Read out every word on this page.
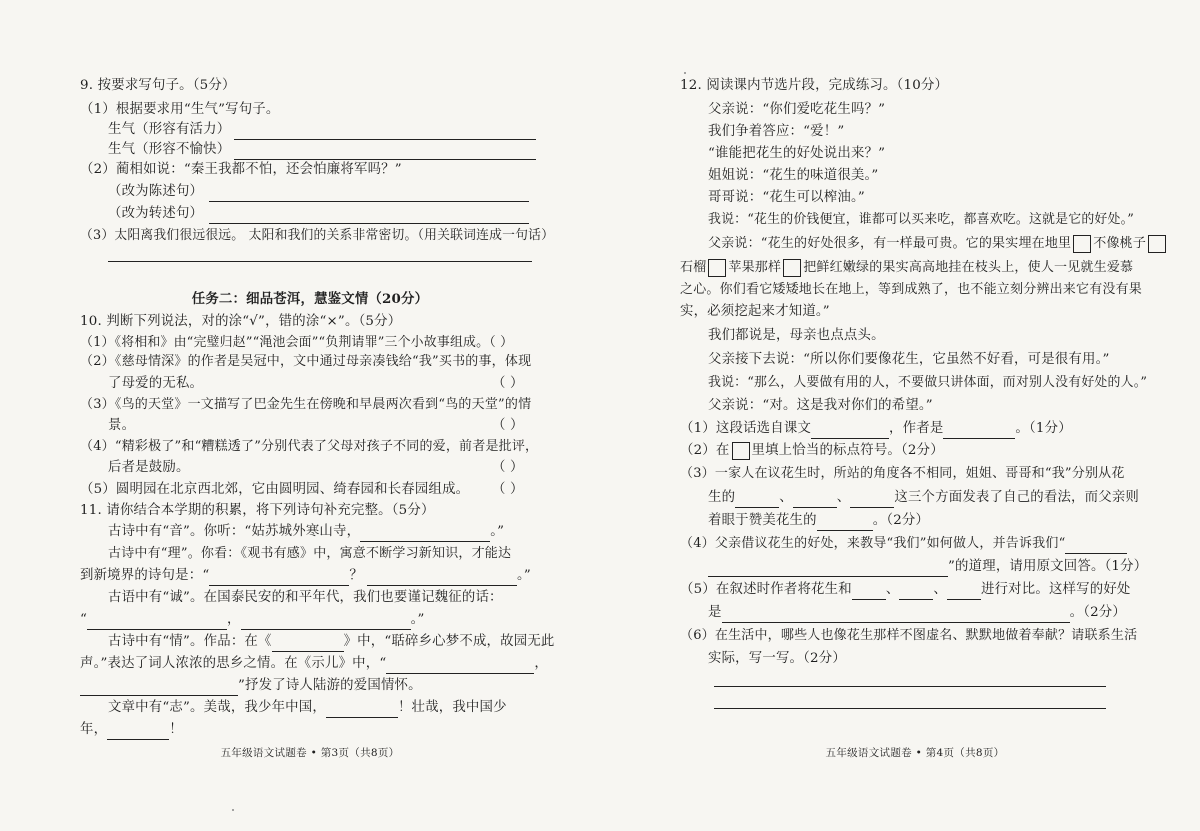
9. 按要求写句子。（5分）
（1）根据要求用“生气”写句子。
生气（形容有活力）
生气（形容不愉快）
（2）蔺相如说：“秦王我都不怕，还会怕廉将军吗？”
（改为陈述句）
（改为转述句）
（3）太阳离我们很远很远。 太阳和我们的关系非常密切。（用关联词连成一句话）
任务二：细品苍洱，慧鉴文情（20分）
10. 判断下列说法，对的涂“√”，错的涂“×”。（5分）
（1）《将相和》由“完璧归赵”“渑池会面”“负荆请罪”三个小故事组成。（ ）
（2）《慈母情深》的作者是吴冠中，文中通过母亲凑钱给“我”买书的事，体现
了母爱的无私。	（ ）
（3）《鸟的天堂》一文描写了巴金先生在傍晚和早晨两次看到“鸟的天堂”的情
景。	（ ）
（4）“精彩极了”和“糟糕透了”分别代表了父母对孩子不同的爱，前者是批评，
后者是鼓励。	（ ）
（5）圆明园在北京西北郊，它由圆明园、绮春园和长春园组成。 （ ）
11. 请你结合本学期的积累，将下列诗句补充完整。（5分）
古诗中有“音”。你听：“姑苏城外寒山寺，	。”
古诗中有“理”。你看：《观书有感》中，寓意不断学习新知识，才能达
到新境界的诗句是：“	？	。”
古语中有“诚”。在国泰民安的和平年代，我们也要谨记魏征的话：
“	，	。”
古诗中有“情”。作品：在《	》中，“聒碎乡心梦不成，故园无此
声。”表达了词人浓浓的思乡之情。在《示儿》中，“	，
”抒发了诗人陆游的爱国情怀。
文章中有“志”。美哉，我少年中国，	！壮哉，我中国少
年，	！
五年级语文试题卷 • 第3页（共8页）
12. 阅读课内节选片段，完成练习。（10分）
父亲说：“你们爱吃花生吗？”
我们争着答应：“爱！”
“谁能把花生的好处说出来？”
姐姐说：“花生的味道很美。”
哥哥说：“花生可以榨油。”
我说：“花生的价钱便宜，谁都可以买来吃，都喜欢吃。这就是它的好处。”
父亲说：“花生的好处很多，有一样最可贵。它的果实埋在地里 不像桃子
石榴 苹果那样 把鲜红嫩绿的果实高高地挂在枝头上，使人一见就生爱慕
之心。你们看它矮矮地长在地上，等到成熟了，也不能立刻分辨出来它有没有果
实，必须挖起来才知道。”
我们都说是，母亲也点点头。
父亲接下去说：“所以你们要像花生，它虽然不好看，可是很有用。”
我说：“那么，人要做有用的人，不要做只讲体面，而对别人没有好处的人。”
父亲说：“对。这是我对你们的希望。”
（1）这段话选自课文	，作者是	。（1分）
（2）在 里填上恰当的标点符号。（2分）
（3）一家人在议花生时，所站的角度各不相同，姐姐、哥哥和“我”分别从花
生的	、	、	这三个方面发表了自己的看法，而父亲则
着眼于赞美花生的	。（2分）
（4）父亲借议花生的好处，来教导“我们”如何做人，并告诉我们“
”的道理，请用原文回答。（1分）
（5）在叙述时作者将花生和	、	、	进行对比。这样写的好处
是	。（2分）
（6）在生活中，哪些人也像花生那样不图虚名、默默地做着奉献？请联系生活
实际，写一写。（2分）
五年级语文试题卷 • 第4页（共8页）
